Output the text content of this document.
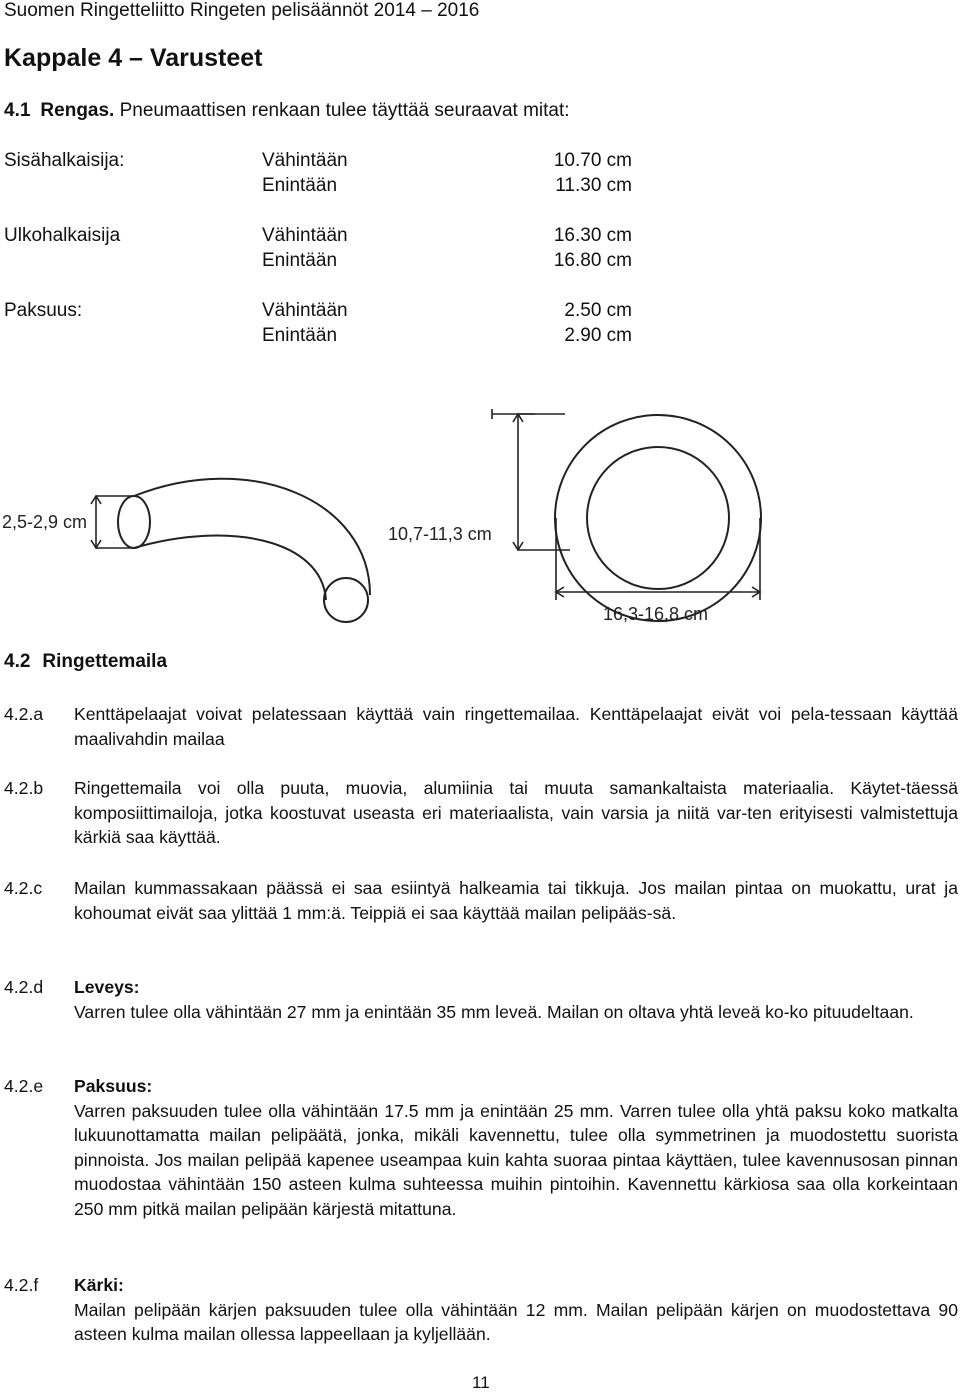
Suomen Ringetteliitto Ringeten pelisäännöt 2014 – 2016
Kappale 4 – Varusteet
4.1 Rengas. Pneumaattisen renkaan tulee täyttää seuraavat mitat:
Sisähalkaisija:	Vähintään	10.70 cm
Enintään	11.30 cm
Ulkohalkaisija	Vähintään	16.30 cm
Enintään	16.80 cm
Paksuus:	Vähintään	2.50 cm
Enintään	2.90 cm
2,5-2,9 cm
10,7-11,3 cm
16,3-16,8 cm
4.2 Ringettemaila
4.2.a Kenttäpelaajat voivat pelatessaan käyttää vain ringettemailaa. Kenttäpelaajat eivät voi pela-tessaan käyttää maalivahdin mailaa
4.2.b Ringettemaila voi olla puuta, muovia, alumiinia tai muuta samankaltaista materiaalia. Käytet-täessä komposiittimailoja, jotka koostuvat useasta eri materiaalista, vain varsia ja niitä var-ten erityisesti valmistettuja kärkiä saa käyttää.
4.2.c Mailan kummassakaan päässä ei saa esiintyä halkeamia tai tikkuja. Jos mailan pintaa on muokattu, urat ja kohoumat eivät saa ylittää 1 mm:ä. Teippiä ei saa käyttää mailan pelipääs-sä.
4.2.d Leveys:
Varren tulee olla vähintään 27 mm ja enintään 35 mm leveä. Mailan on oltava yhtä leveä ko-ko pituudeltaan.
4.2.e Paksuus:
Varren paksuuden tulee olla vähintään 17.5 mm ja enintään 25 mm. Varren tulee olla yhtä paksu koko matkalta lukuunottamatta mailan pelipäätä, jonka, mikäli kavennettu, tulee olla symmetrinen ja muodostettu suorista pinnoista. Jos mailan pelipää kapenee useampaa kuin kahta suoraa pintaa käyttäen, tulee kavennusosan pinnan muodostaa vähintään 150 asteen kulma suhteessa muihin pintoihin. Kavennettu kärkiosa saa olla korkeintaan 250 mm pitkä mailan pelipään kärjestä mitattuna.
4.2.f Kärki:
Mailan pelipään kärjen paksuuden tulee olla vähintään 12 mm. Mailan pelipään kärjen on muodostettava 90 asteen kulma mailan ollessa lappeellaan ja kyljellään.
11
